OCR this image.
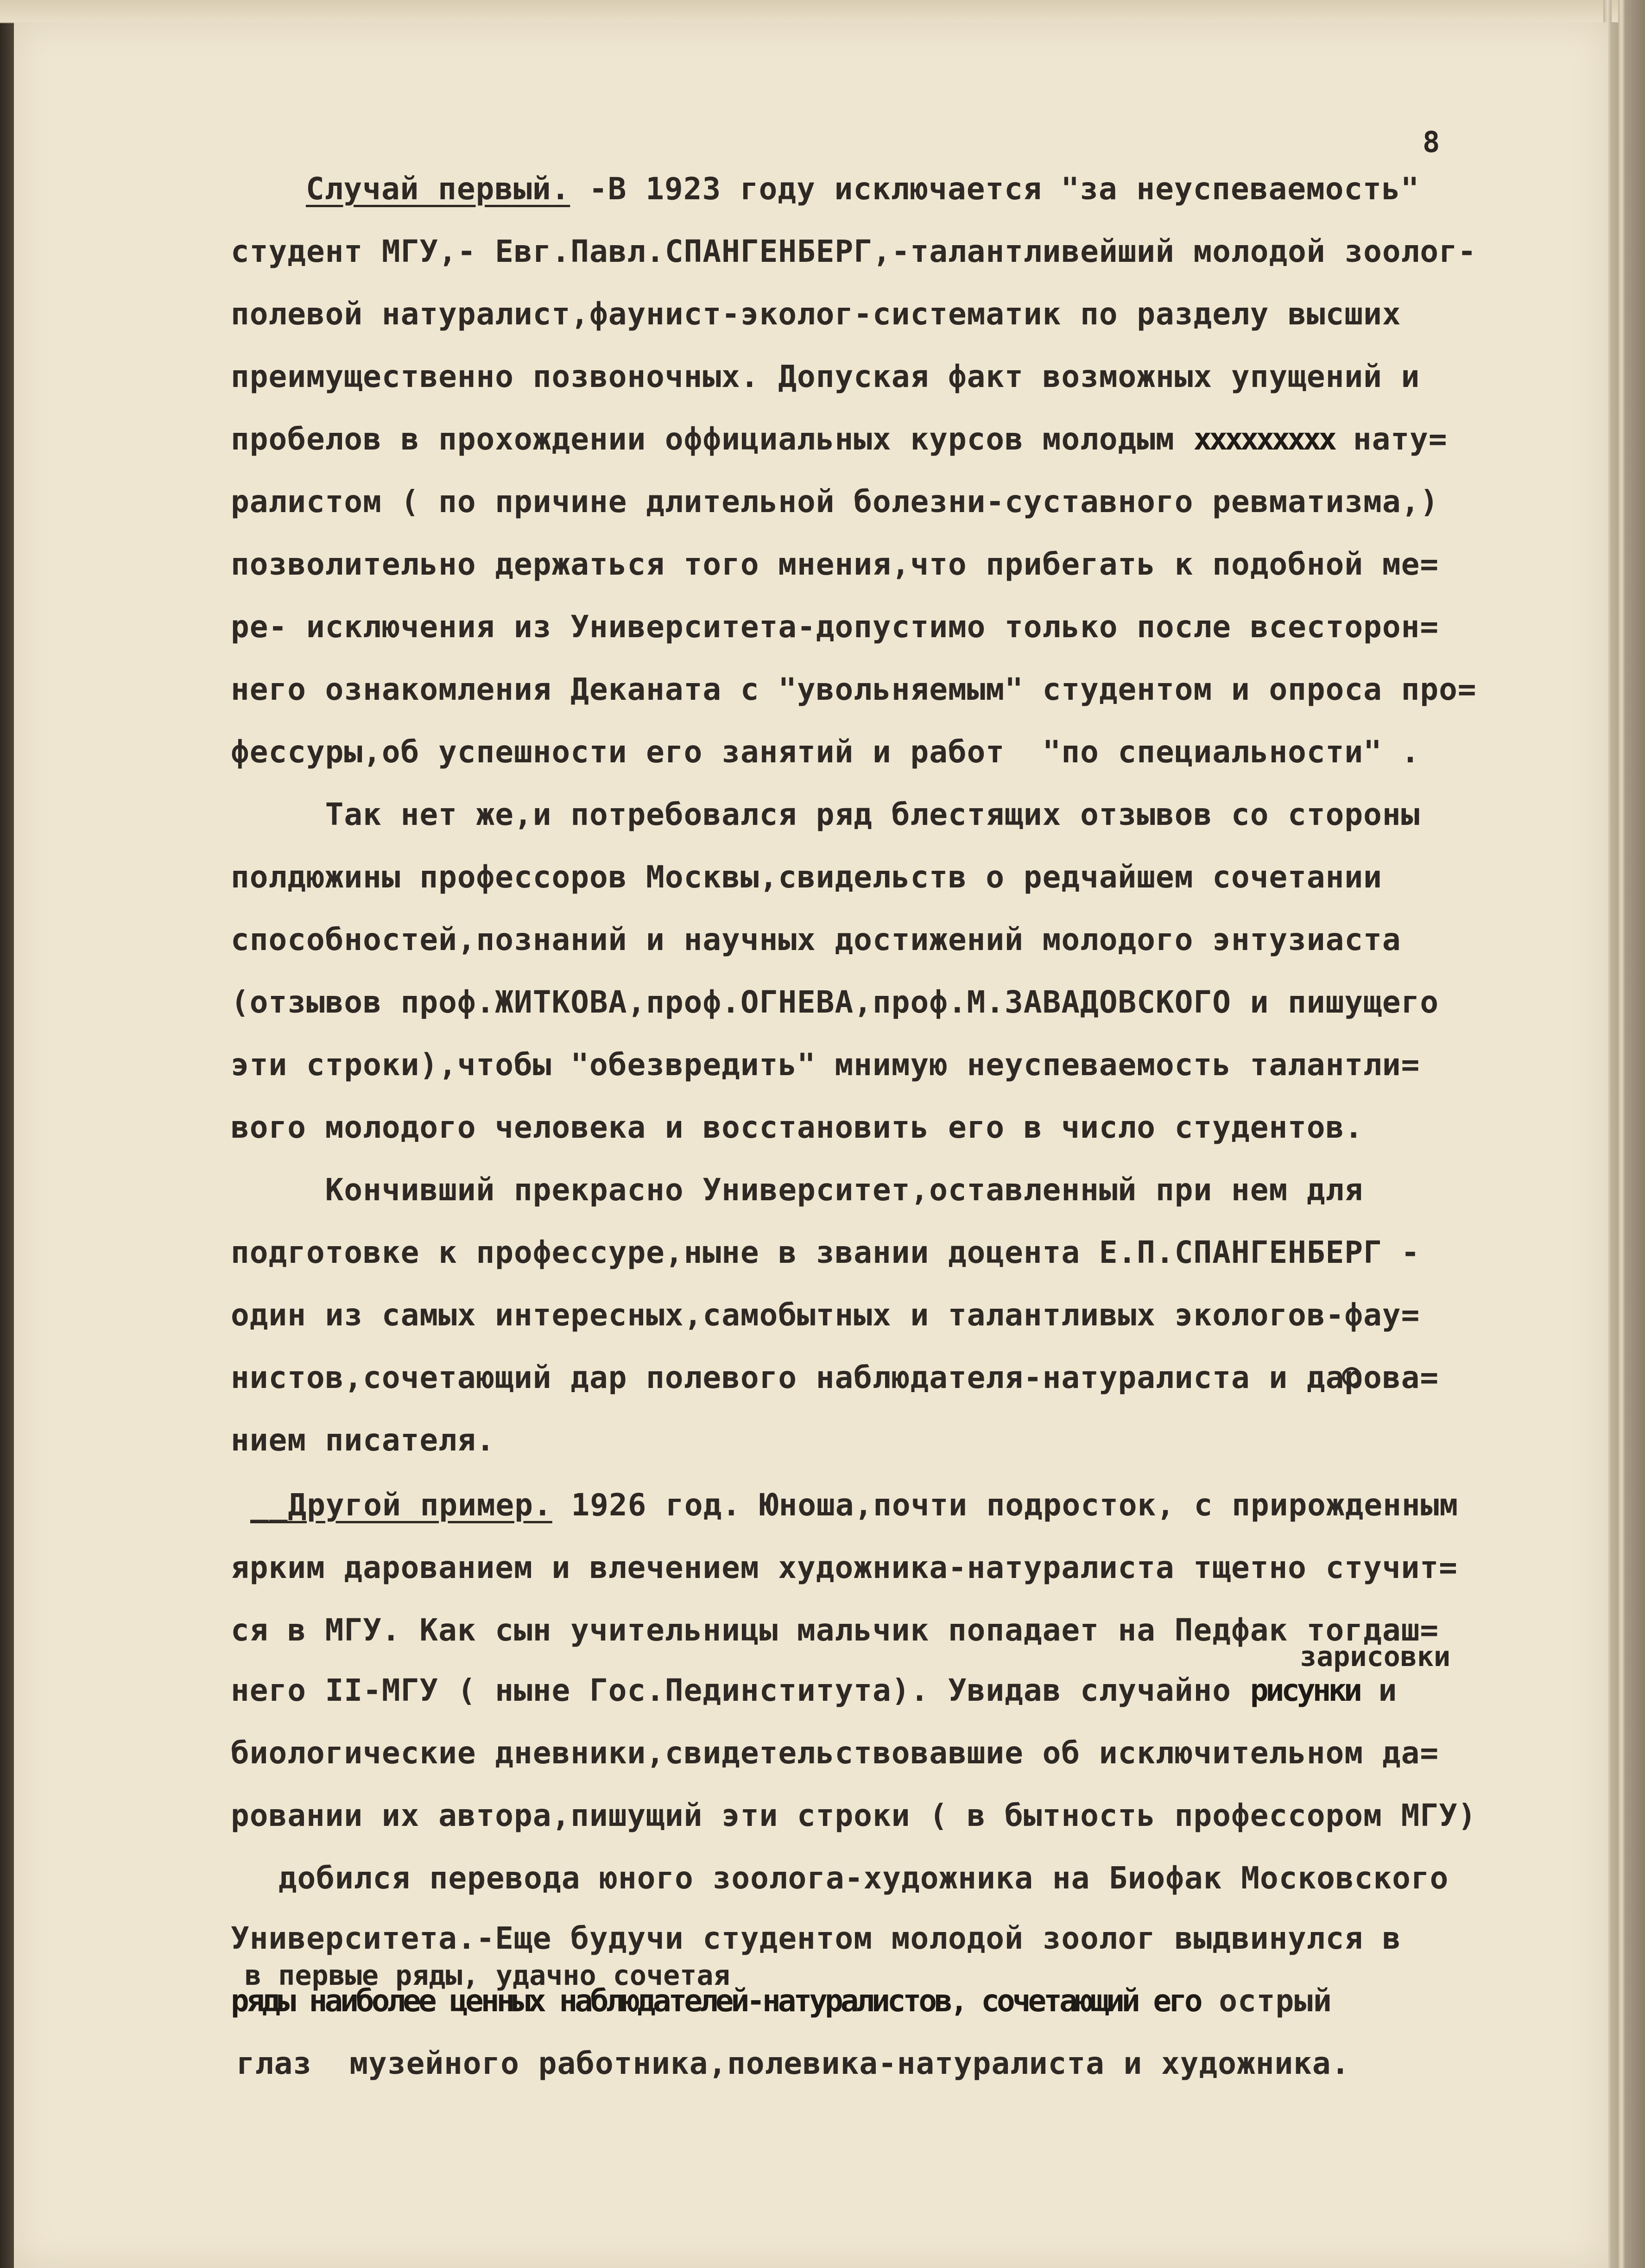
8
Случай первый. -В 1923 году исключается "за неуспеваемость"
студент МГУ,- Евг.Павл.СПАНГЕНБЕРГ,-талантливейший молодой зоолог-
полевой натуралист,фаунист-эколог-систематик по разделу высших
преимущественно позвоночных. Допуская факт возможных упущений и
пробелов в прохождении оффициальных курсов молодым xxxxxxxxx нату=
ралистом ( по причине длительной болезни-суставного ревматизма,)
позволительно держаться того мнения,что прибегать к подобной ме=
ре- исключения из Университета-допустимо только после всесторон=
него ознакомления Деканата с "увольняемым" студентом и опроса про=
фессуры,об успешности его занятий и работ  "по специальности" .
Так нет же,и потребовался ряд блестящих отзывов со стороны
полдюжины профессоров Москвы,свидельств о редчайшем сочетании
способностей,познаний и научных достижений молодого энтузиаста
(отзывов проф.ЖИТКОВА,проф.ОГНЕВА,проф.М.ЗАВАДОВСКОГО и пишущего
эти строки),чтобы "обезвредить" мнимую неуспеваемость талантли=
вого молодого человека и восстановить его в число студентов.
Кончивший прекрасно Университет,оставленный при нем для
подготовке к профессуре,ныне в звании доцента Е.П.СПАНГЕНБЕРГ -
один из самых интересных,самобытных и талантливых экологов-фау=
нистов,сочетающий дар полевого наблюдателя-натуралиста и дарова=
нием писателя.
__Другой пример. 1926 год. Юноша,почти подросток, с прирожденным
ярким дарованием и влечением художника-натуралиста тщетно стучит=
ся в МГУ. Как сын учительницы мальчик попадает на Педфак тогдаш=
него II-МГУ ( ныне Гос.Пединститута). Увидав случайно рисунки и
биологические дневники,свидетельствовавшие об исключительном да=
ровании их автора,пишущий эти строки ( в бытность профессором МГУ)
добился перевода юного зоолога-художника на Биофак Московского
Университета.-Еще будучи студентом молодой зоолог выдвинулся в
ряды наиболее ценных наблюдателей-натуралистов, сочетающий его острый
глаз  музейного работника,полевика-натуралиста и художника.
зарисовки
в первые ряды, удачно сочетая
